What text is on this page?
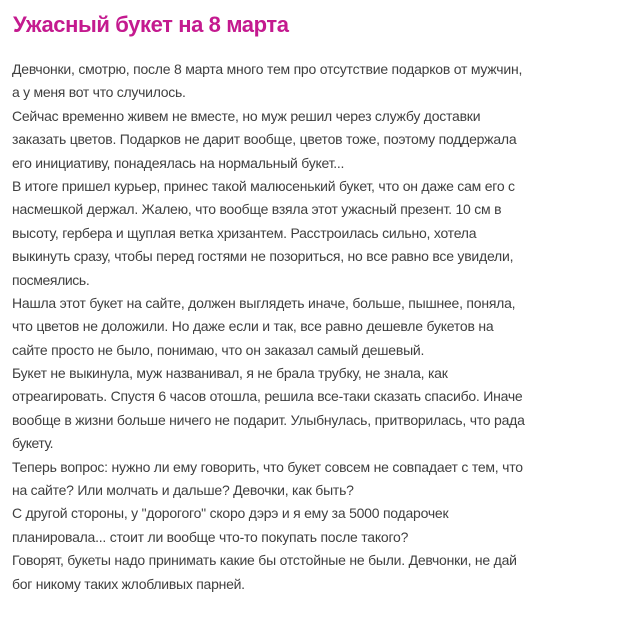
Ужасный букет на 8 марта
Девчонки, смотрю, после 8 марта много тем про отсутствие подарков от мужчин,
а у меня вот что случилось.
Сейчас временно живем не вместе, но муж решил через службу доставки
заказать цветов. Подарков не дарит вообще, цветов тоже, поэтому поддержала
его инициативу, понадеялась на нормальный букет...
В итоге пришел курьер, принес такой малюсенький букет, что он даже сам его с
насмешкой держал. Жалею, что вообще взяла этот ужасный презент. 10 см в
высоту, гербера и щуплая ветка хризантем. Расстроилась сильно, хотела
выкинуть сразу, чтобы перед гостями не позориться, но все равно все увидели,
посмеялись.
Нашла этот букет на сайте, должен выглядеть иначе, больше, пышнее, поняла,
что цветов не доложили. Но даже если и так, все равно дешевле букетов на
сайте просто не было, понимаю, что он заказал самый дешевый.
Букет не выкинула, муж названивал, я не брала трубку, не знала, как
отреагировать. Спустя 6 часов отошла, решила все-таки сказать спасибо. Иначе
вообще в жизни больше ничего не подарит. Улыбнулась, притворилась, что рада
букету.
Теперь вопрос: нужно ли ему говорить, что букет совсем не совпадает с тем, что
на сайте? Или молчать и дальше? Девочки, как быть?
С другой стороны, у "дорогого" скоро дэрэ и я ему за 5000 подарочек
планировала... стоит ли вообще что-то покупать после такого?
Говорят, букеты надо принимать какие бы отстойные не были. Девчонки, не дай
бог никому таких жлобливых парней.
